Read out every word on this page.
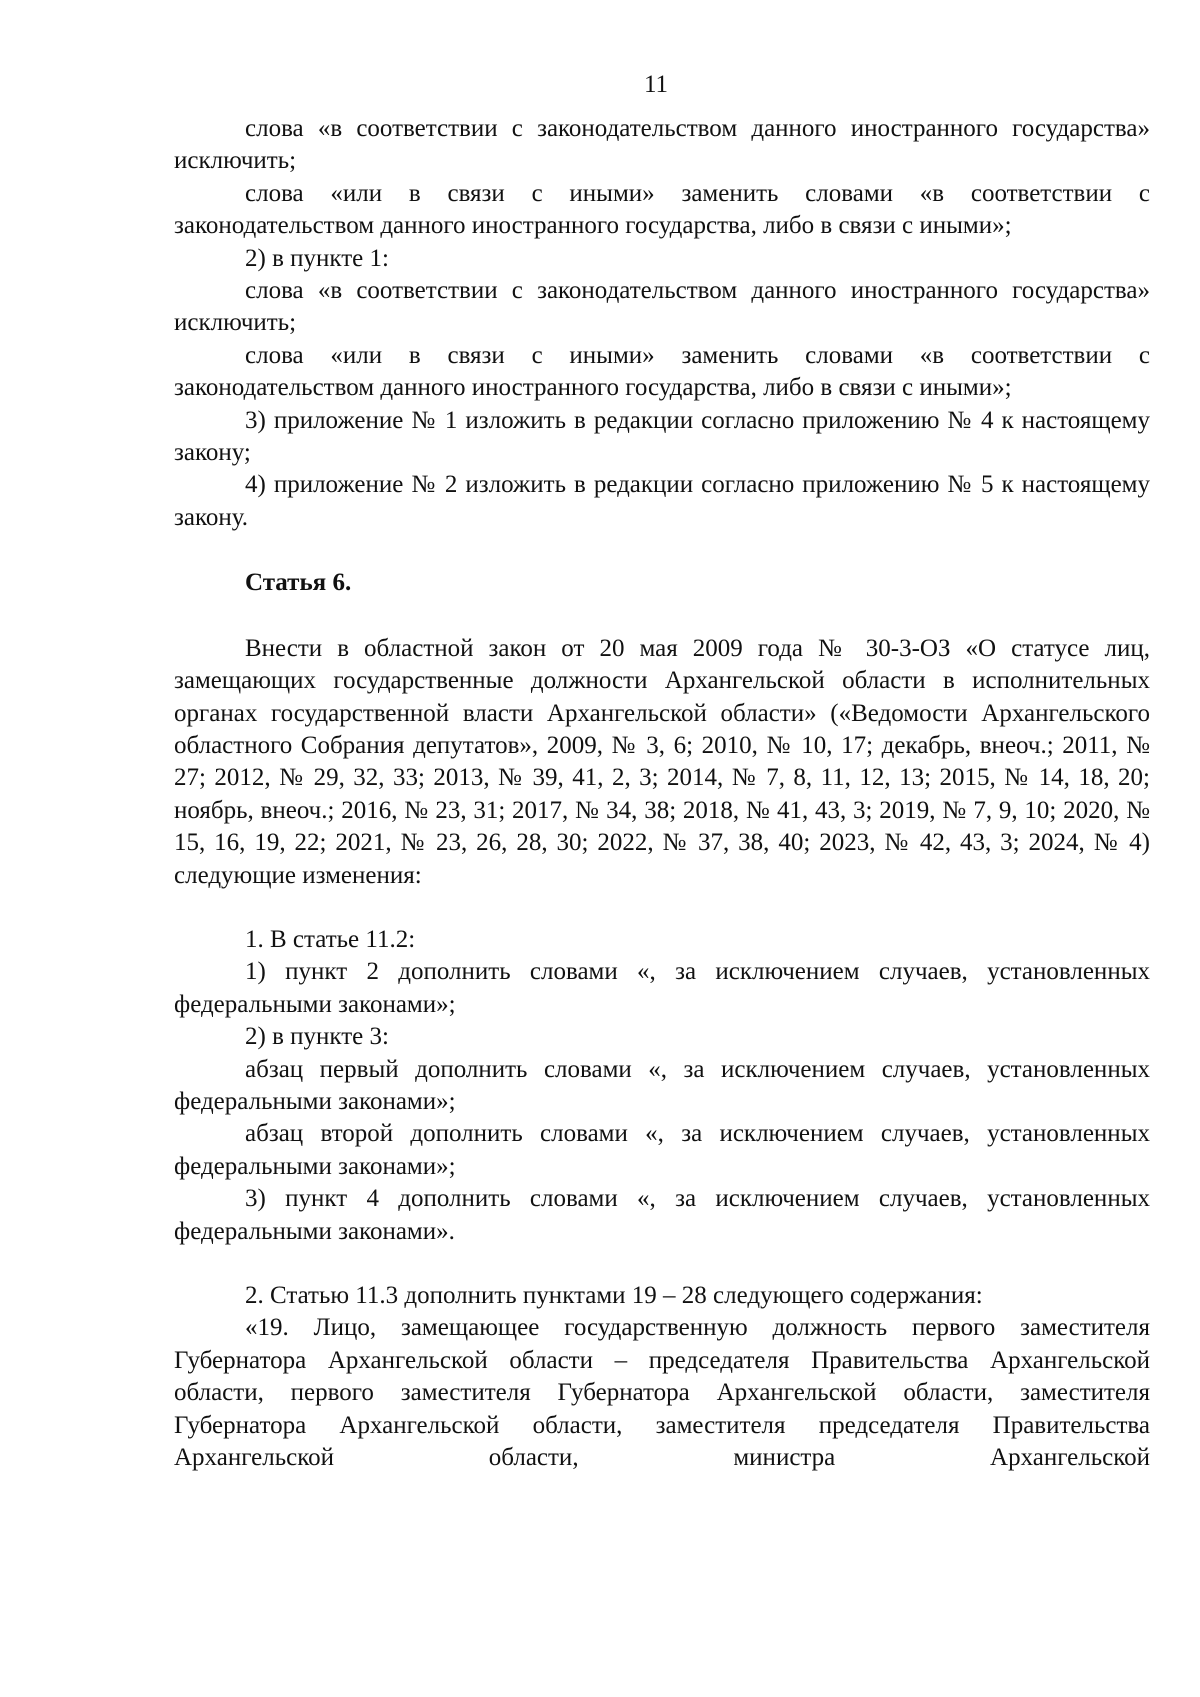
11

слова «в соответствии с законодательством данного иностранного государства» исключить;

слова «или в связи с иными» заменить словами «в соответствии с законодательством данного иностранного государства, либо в связи с иными»;

2) в пункте 1:

слова «в соответствии с законодательством данного иностранного государства» исключить;

слова «или в связи с иными» заменить словами «в соответствии с законодательством данного иностранного государства, либо в связи с иными»;

3) приложение № 1 изложить в редакции согласно приложению № 4 к настоящему закону;

4) приложение № 2 изложить в редакции согласно приложению № 5 к настоящему закону.

Статья 6.

Внести в областной закон от 20 мая 2009 года № 30-3-ОЗ «О статусе лиц, замещающих государственные должности Архангельской области в исполнительных органах государственной власти Архангельской области» («Ведомости Архангельского областного Собрания депутатов», 2009, № 3, 6; 2010, № 10, 17; декабрь, внеоч.; 2011, № 27; 2012, № 29, 32, 33; 2013, № 39, 41, 2, 3; 2014, № 7, 8, 11, 12, 13; 2015, № 14, 18, 20; ноябрь, внеоч.; 2016, № 23, 31; 2017, № 34, 38; 2018, № 41, 43, 3; 2019, № 7, 9, 10; 2020, № 15, 16, 19, 22; 2021, № 23, 26, 28, 30; 2022, № 37, 38, 40; 2023, № 42, 43, 3; 2024, № 4) следующие изменения:

1. В статье 11.2:

1) пункт 2 дополнить словами «, за исключением случаев, установленных федеральными законами»;

2) в пункте 3:

абзац первый дополнить словами «, за исключением случаев, установленных федеральными законами»;

абзац второй дополнить словами «, за исключением случаев, установленных федеральными законами»;

3) пункт 4 дополнить словами «, за исключением случаев, установленных федеральными законами».

2. Статью 11.3 дополнить пунктами 19 – 28 следующего содержания:

«19. Лицо, замещающее государственную должность первого заместителя Губернатора Архангельской области – председателя Правительства Архангельской области, первого заместителя Губернатора Архангельской области, заместителя Губернатора Архангельской области, заместителя председателя Правительства Архангельской области, министра Архангельской
